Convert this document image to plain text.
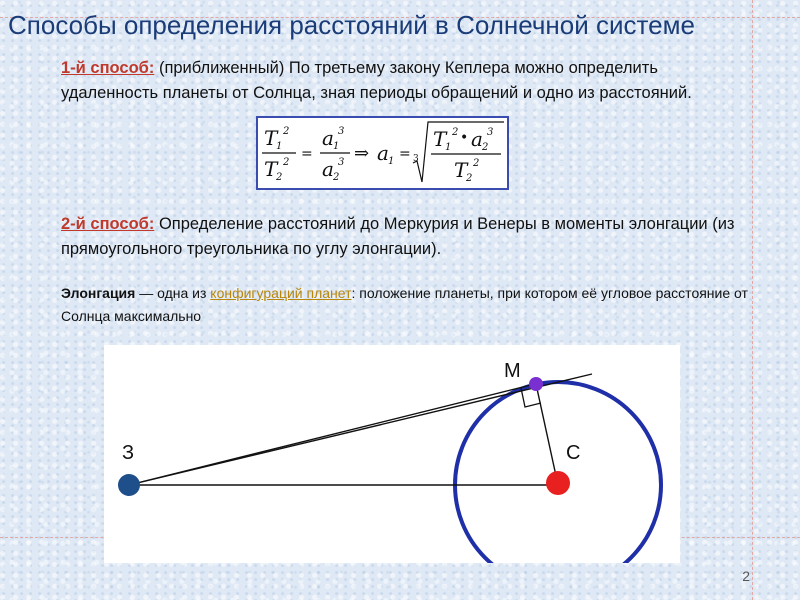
Способы определения расстояний в Солнечной системе
1-й способ: (приближенный) По третьему закону Кеплера можно определить удаленность планеты от Солнца, зная периоды обращений и одно из расстояний.
T
1
2
T
2
2
=
a 1
3
a 2
3 ⇒ a 1 = 3
T
1
2 • a 2
3
T
2
2
2-й способ: Определение расстояний до Меркурия и Венеры в моменты элонгации (из прямоугольного треугольника по углу элонгации).
Элонгация — одна из конфигураций планет: положение планеты, при котором её угловое расстояние от Солнца максимально
З	С
М
2
